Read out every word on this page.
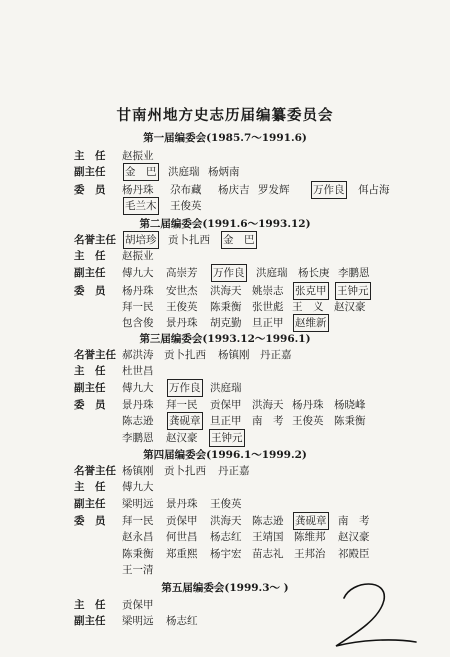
甘南州地方史志历届编纂委员会
第一届编委会(1985.7～1991.6)
主　任 赵振业
副主任 金　巴 洪庭瑞 杨炳南
委　员 杨丹珠 尕布藏 杨庆吉 罗发辉 万作良 佴占海
毛兰木 王俊英
第二届编委会(1991.6～1993.12)
名誉主任 胡培珍 贡卜扎西 金　巴
主　任 赵振业
副主任 傅九大 高崇芳 万作良 洪庭瑞 杨长庚 李鹏恩
委　员 杨丹珠 安世杰 洪海天 姚崇志 张克甲 王钟元
拜一民 王俊英 陈秉衡 张世彪 王　义 赵汉豪
包含俊 景丹珠 胡克勤 旦正甲 赵维新
第三届编委会(1993.12～1996.1)
名誉主任 郝洪涛 贡卜扎西 杨镇刚 丹正嘉
主　任 杜世昌
副主任 傅九大 万作良 洪庭瑞
委　员 景丹珠 拜一民 贡保甲 洪海天 杨丹珠 杨晓峰
陈志逊 龚砚章 旦正甲 南　考 王俊英 陈秉衡
李鹏恩 赵汉豪 王钟元
第四届编委会(1996.1～1999.2)
名誉主任 杨镇刚 贡卜扎西 丹正嘉
主　任 傅九大
副主任 梁明远 景丹珠 王俊英
委　员 拜一民 贡保甲 洪海天 陈志逊 龚砚章 南　考
赵永昌 何世昌 杨志红 王靖国 陈维邦 赵汉豪
陈秉衡 郑重熙 杨宇宏 苗志礼 王邦治 祁殿臣
王一清
第五届编委会(1999.3～ )
主　任 贡保甲
副主任 梁明远 杨志红
